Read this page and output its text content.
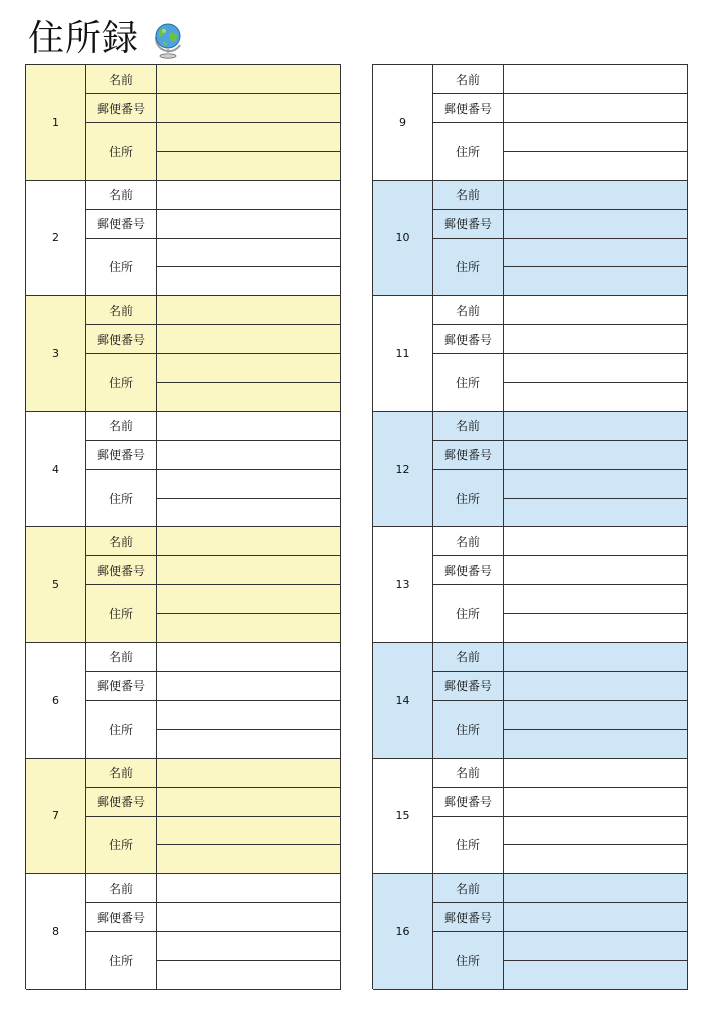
住所録
1
名前
郵便番号
住所
2
名前
郵便番号
住所
3
名前
郵便番号
住所
4
名前
郵便番号
住所
5
名前
郵便番号
住所
6
名前
郵便番号
住所
7
名前
郵便番号
住所
8
名前
郵便番号
住所
9
名前
郵便番号
住所
10
名前
郵便番号
住所
11
名前
郵便番号
住所
12
名前
郵便番号
住所
13
名前
郵便番号
住所
14
名前
郵便番号
住所
15
名前
郵便番号
住所
16
名前
郵便番号
住所
